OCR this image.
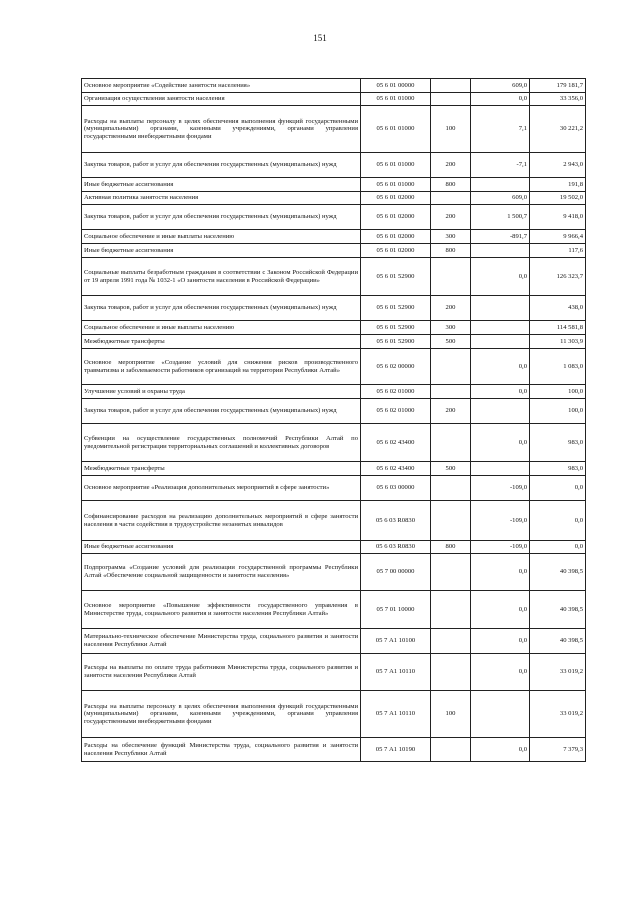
151
Основное мероприятие «Содействие занятости населения»	05 6 01 00000		609,0	179 181,7
Организация осуществления занятости населения	05 6 01 01000		0,0	33 356,0
Расходы на выплаты персоналу в целях обеспечения выполнения функций государственными (муниципальными) органами, казенными учреждениями, органами управления государственными внебюджетными фондами	05 6 01 01000	100	7,1	30 221,2
Закупка товаров, работ и услуг для обеспечения государственных (муниципальных) нужд	05 6 01 01000	200	-7,1	2 943,0
Иные бюджетные ассигнования	05 6 01 01000	800		191,8
Активная политика занятости населения	05 6 01 02000		609,0	19 502,0
Закупка товаров, работ и услуг для обеспечения государственных (муниципальных) нужд	05 6 01 02000	200	1 500,7	9 418,0
Социальное обеспечение и иные выплаты населению	05 6 01 02000	300	-891,7	9 966,4
Иные бюджетные ассигнования	05 6 01 02000	800		117,6
Социальные выплаты безработным гражданам в соответствии с Законом Российской Федерации от 19 апреля 1991 года № 1032-1 «О занятости населения в Российской Федерации»	05 6 01 52900		0,0	126 323,7
Закупка товаров, работ и услуг для обеспечения государственных (муниципальных) нужд	05 6 01 52900	200		438,0
Социальное обеспечение и иные выплаты населению	05 6 01 52900	300		114 581,8
Межбюджетные трансферты	05 6 01 52900	500		11 303,9
Основное мероприятие «Создание условий для снижения рисков производственного травматизма и заболеваемости работников организаций на территории Республики Алтай»	05 6 02 00000		0,0	1 083,0
Улучшение условий и охраны труда	05 6 02 01000		0,0	100,0
Закупка товаров, работ и услуг для обеспечения государственных (муниципальных) нужд	05 6 02 01000	200		100,0
Субвенции на осуществление государственных полномочий Республики Алтай по уведомительной регистрации территориальных соглашений и коллективных договоров	05 6 02 43400		0,0	983,0
Межбюджетные трансферты	05 6 02 43400	500		983,0
Основное мероприятие «Реализация дополнительных мероприятий в сфере занятости»	05 6 03 00000		-109,0	0,0
Софинансирование расходов на реализацию дополнительных мероприятий в сфере занятости населения в части содействия в трудоустройстве незанятых инвалидов	05 6 03 R0830		-109,0	0,0
Иные бюджетные ассигнования	05 6 03 R0830	800	-109,0	0,0
Подпрограмма «Создание условий для реализации государственной программы Республики Алтай «Обеспечение социальной защищенности и занятости населения»	05 7 00 00000		0,0	40 398,5
Основное мероприятие «Повышение эффективности государственного управления в Министерстве труда, социального развития и занятости населения Республики Алтай»	05 7 01 10000		0,0	40 398,5
Материально-техническое обеспечение Министерства труда, социального развития и занятости населения Республики Алтай	05 7 А1 10100		0,0	40 398,5
Расходы на выплаты по оплате труда работников Министерства труда, социального развития и занятости населения Республики Алтай	05 7 А1 10110		0,0	33 019,2
Расходы на выплаты персоналу в целях обеспечения выполнения функций государственными (муниципальными) органами, казенными учреждениями, органами управления государственными внебюджетными фондами	05 7 А1 10110	100		33 019,2
Расходы на обеспечение функций Министерства труда, социального развития и занятости населения Республики Алтай	05 7 А1 10190		0,0	7 379,3
